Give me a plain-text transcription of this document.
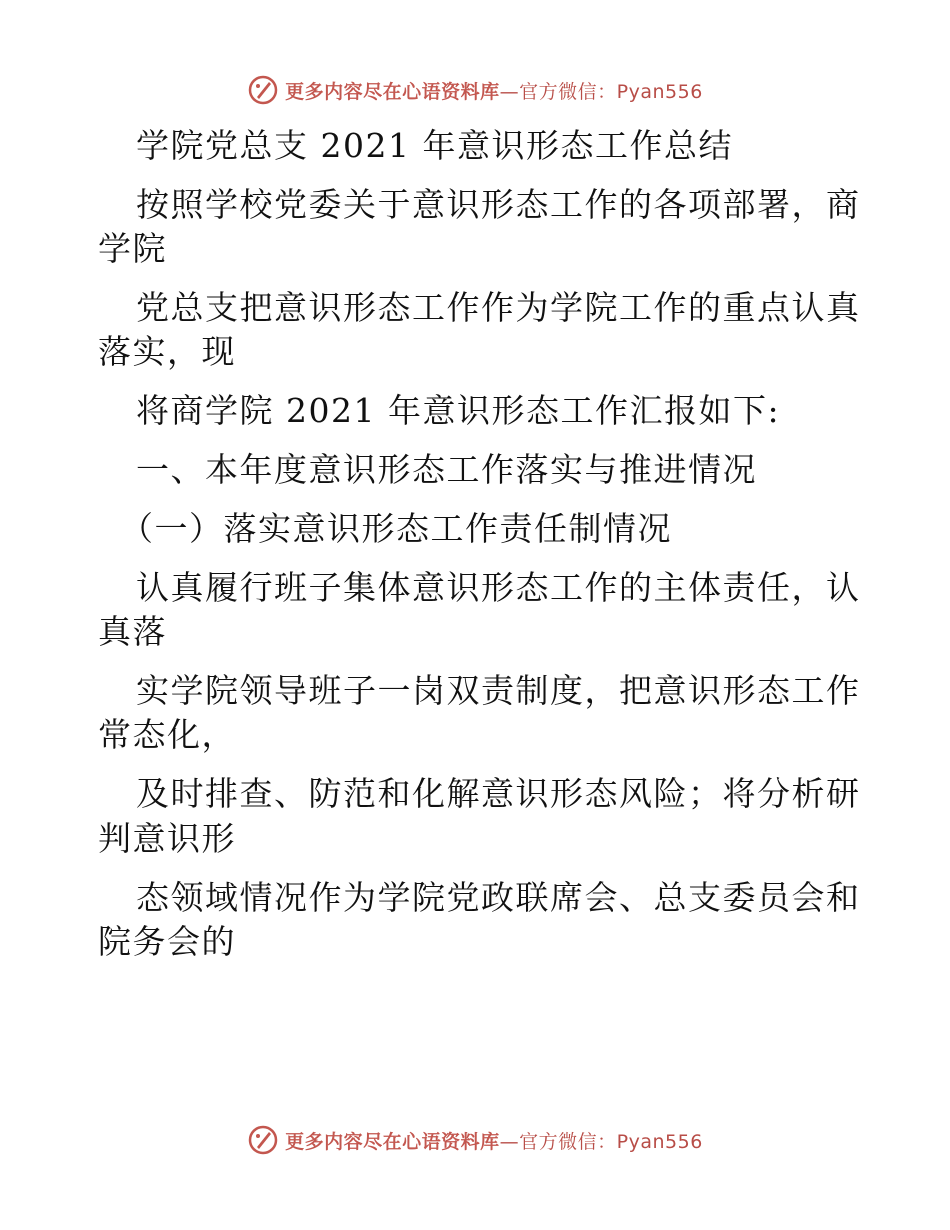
更多内容尽在心语资料库 —官方微信：Pyan556
学院党总支 2021 年意识形态工作总结
按照学校党委关于意识形态工作的各项部署，商
学院
党总支把意识形态工作作为学院工作的重点认真
落实，现
将商学院 2021 年意识形态工作汇报如下:
一、本年度意识形态工作落实与推进情况
（一）落实意识形态工作责任制情况
认真履行班子集体意识形态工作的主体责任，认
真落
实学院领导班子一岗双责制度，把意识形态工作
常态化，
及时排查、防范和化解意识形态风险；将分析研
判意识形
态领域情况作为学院党政联席会、总支委员会和
院务会的
更多内容尽在心语资料库 —官方微信：Pyan556
